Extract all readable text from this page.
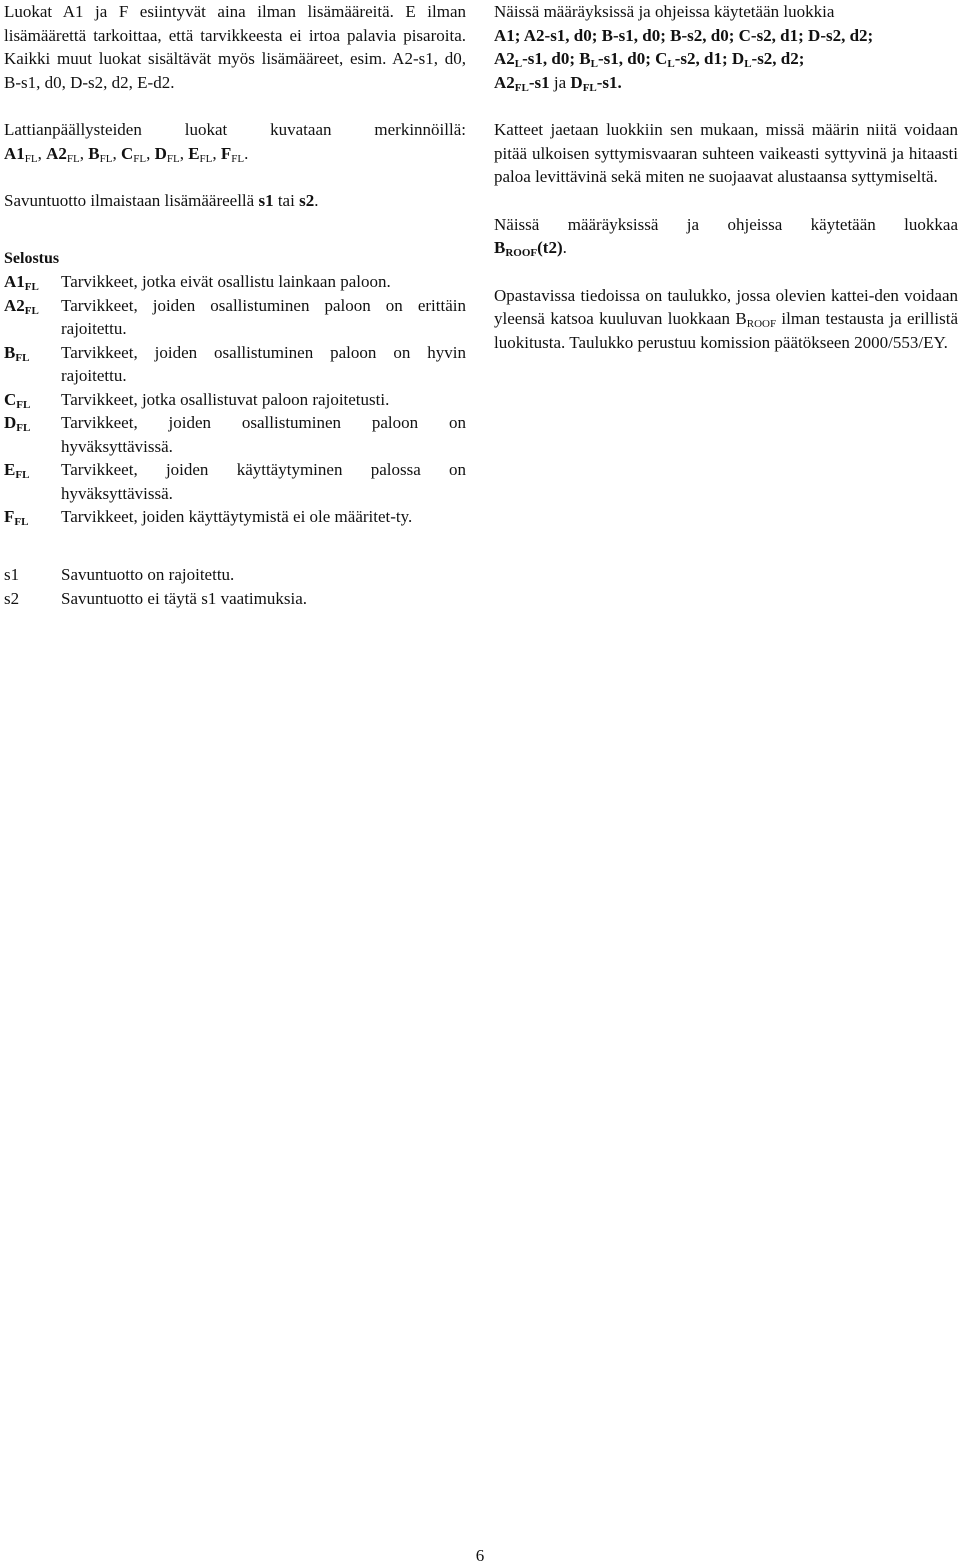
Luokat A1 ja F esiintyvät aina ilman lisämääreitä. E ilman lisämäärettä tarkoittaa, että tarvikkeesta ei irtoa palavia pisaroita. Kaikki muut luokat sisältävät myös lisämääreet, esim. A2-s1, d0, B-s1, d0, D-s2, d2, E-d2.

Lattianpäällysteiden luokat kuvataan merkinnöillä:
$A1_{FL}$, $A2_{FL}$, $B_{FL}$, $C_{FL}$, $D_{FL}$, $E_{FL}$, $F_{FL}$.

Savuntuotto ilmaistaan lisämääreellä s1 tai s2.

Selostus

$A1_{FL}$	Tarvikkeet, jotka eivät osallistu lainkaan paloon.
$A2_{FL}$	Tarvikkeet, joiden osallistuminen paloon on erittäin rajoitettu.
$B_{FL}$	Tarvikkeet, joiden osallistuminen paloon on hyvin rajoitettu.
$C_{FL}$	Tarvikkeet, jotka osallistuvat paloon rajoitetusti.
$D_{FL}$	Tarvikkeet, joiden osallistuminen paloon on hyväksyttävissä.
$E_{FL}$	Tarvikkeet, joiden käyttäytyminen palossa on hyväksyttävissä.
$F_{FL}$	Tarvikkeet, joiden käyttäytymistä ei ole määritet-ty.
s1	Savuntuotto on rajoitettu.
s2	Savuntuotto ei täytä s1 vaatimuksia.

Näissä määräyksissä ja ohjeissa käytetään luokkia
A1; A2-s1, d0; B-s1, d0; B-s2, d0; C-s2, d1; D-s2, d2;
$A2_L-s1$, d0; $B_L-s1$, d0; $C_L-s2$, d1; $D_L-s2$, d2;
$A2_{FL}-s1$ ja $D_{FL}-s1$.

Katteet jaetaan luokkiin sen mukaan, missä määrin niitä voidaan pitää ulkoisen syttymisvaaran suhteen vaikeasti syttyvinä ja hitaasti paloa levittävinä sekä miten ne suojaavat alustaansa syttymiseltä.

Näissä määräyksissä ja ohjeissa käytetään luokkaa
$B_{ROOF}(t2)$.

Opastavissa tiedoissa on taulukko, jossa olevien kattei-den voidaan yleensä katsoa kuuluvan luokkaan $B_{ROOF}$ ilman testausta ja erillistä luokitusta. Taulukko perustuu komission päätökseen 2000/553/EY.

6
